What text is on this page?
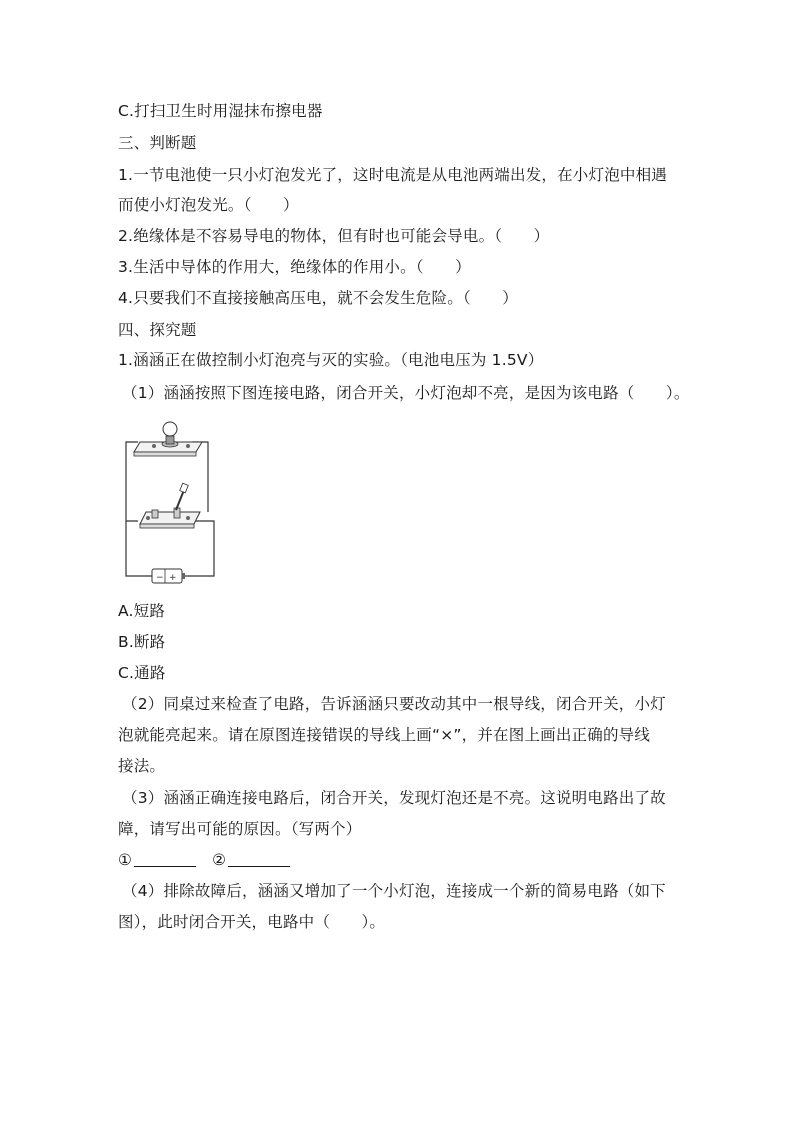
C.打扫卫生时用湿抹布擦电器
三、判断题
1.一节电池使一只小灯泡发光了，这时电流是从电池两端出发，在小灯泡中相遇
而使小灯泡发光。（　　）
2.绝缘体是不容易导电的物体，但有时也可能会导电。（　　）
3.生活中导体的作用大，绝缘体的作用小。（　　）
4.只要我们不直接接触高压电，就不会发生危险。（　　）
四、探究题
1.涵涵正在做控制小灯泡亮与灭的实验。（电池电压为 1.5V）
（1）涵涵按照下图连接电路，闭合开关，小灯泡却不亮，是因为该电路（　　）。
− +
A.短路
B.断路
C.通路
（2）同桌过来检查了电路，告诉涵涵只要改动其中一根导线，闭合开关，小灯
泡就能亮起来。请在原图连接错误的导线上画“×”，并在图上画出正确的导线
接法。
（3）涵涵正确连接电路后，闭合开关，发现灯泡还是不亮。这说明电路出了故
障，请写出可能的原因。（写两个）
①	②
（4）排除故障后，涵涵又增加了一个小灯泡，连接成一个新的简易电路（如下
图），此时闭合开关，电路中（　　）。
